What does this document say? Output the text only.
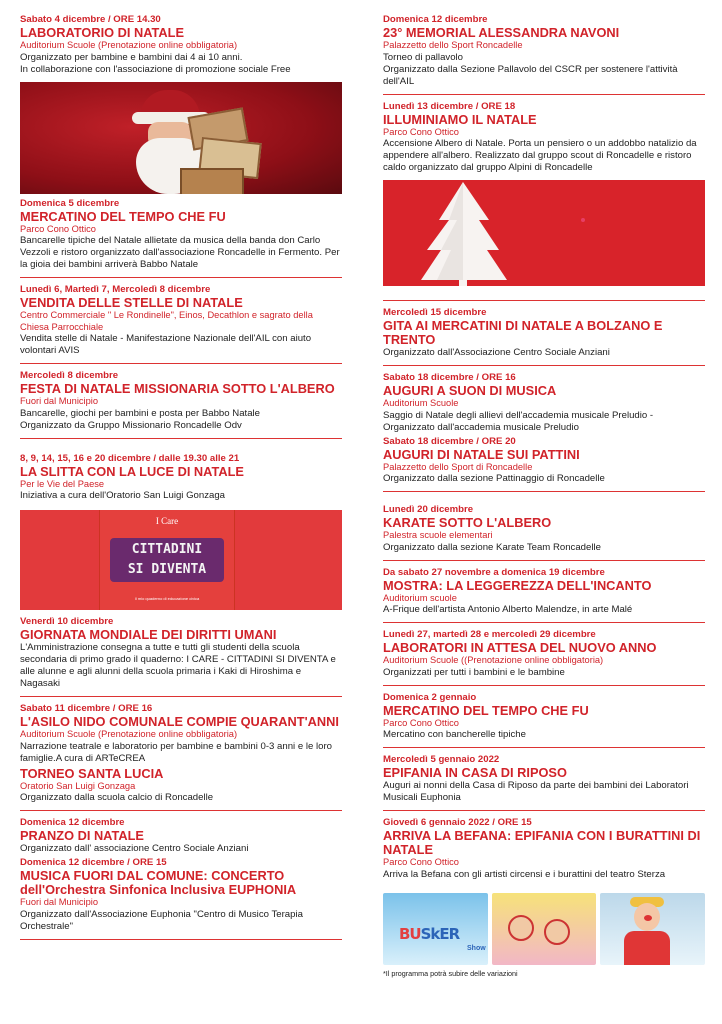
Sabato 4 dicembre / ORE 14.30

LABORATORIO DI NATALE

Auditorium Scuole (Prenotazione online obbligatoria)

Organizzato per bambine e bambini dai 4 ai 10 anni.

In collaborazione con l'associazione di promozione sociale Free

Domenica 5 dicembre

MERCATINO DEL TEMPO CHE FU

Parco Cono Ottico

Bancarelle tipiche del Natale allietate da musica della banda don Carlo Vezzoli e ristoro organizzato dall'associazione Roncadelle in Fermento. Per la gioia dei bambini arriverà Babbo Natale

Lunedì 6, Martedì 7, Mercoledì 8 dicembre

VENDITA DELLE STELLE DI NATALE

Centro Commerciale " Le Rondinelle", Einos, Decathlon e sagrato della Chiesa Parrocchiale

Vendita stelle di Natale - Manifestazione Nazionale dell'AIL con aiuto volontari AVIS

Mercoledì 8 dicembre

FESTA DI NATALE MISSIONARIA SOTTO L'ALBERO

Fuori dal Municipio

Bancarelle, giochi per bambini e posta per Babbo Natale

Organizzato da Gruppo Missionario Roncadelle Odv

8, 9, 14, 15, 16 e 20 dicembre / dalle 19.30 alle 21

LA SLITTA CON LA LUCE DI NATALE

Per le Vie del Paese

Iniziativa a cura dell'Oratorio San Luigi Gonzaga

I Care
CITTADINI
SI DIVENTA
Il mio quaderno di educazione civica

Venerdì 10 dicembre

GIORNATA MONDIALE DEI DIRITTI UMANI

L'Amministrazione consegna a tutte e tutti gli studenti della scuola secondaria di primo grado il quaderno: I CARE - CITTADINI SI DIVENTA e alle alunne e agli alunni della scuola primaria i Kaki di Hiroshima e Nagasaki

Sabato 11 dicembre / ORE 16

L'ASILO NIDO COMUNALE COMPIE QUARANT'ANNI

Auditorium Scuole (Prenotazione online obbligatoria)

Narrazione teatrale e laboratorio per bambine e bambini 0-3 anni e le loro famiglie.A cura di ARTeCREA

TORNEO SANTA LUCIA

Oratorio San Luigi Gonzaga

Organizzato dalla scuola calcio di Roncadelle

Domenica 12 dicembre

PRANZO DI NATALE

Organizzato dall' associazione Centro Sociale Anziani

Domenica 12 dicembre / ORE 15

MUSICA FUORI DAL COMUNE: CONCERTO dell'Orchestra Sinfonica Inclusiva EUPHONIA

Fuori dal Municipio

Organizzato dall'Associazione Euphonia "Centro di Musico Terapia Orchestrale"

Domenica 12 dicembre

23° MEMORIAL ALESSANDRA NAVONI

Palazzetto dello Sport Roncadelle

Torneo di pallavolo

Organizzato dalla Sezione Pallavolo del CSCR per sostenere l'attività dell'AIL

Lunedì 13 dicembre / ORE 18

ILLUMINIAMO IL NATALE

Parco Cono Ottico

Accensione Albero di Natale. Porta un pensiero o un addobbo natalizio da appendere all'albero. Realizzato dal gruppo scout di Roncadelle e ristoro caldo organizzato dal gruppo Alpini di Roncadelle

Mercoledì 15 dicembre

GITA AI MERCATINI DI NATALE A BOLZANO E TRENTO

Organizzato dall'Associazione Centro Sociale Anziani

Sabato 18 dicembre / ORE 16

AUGURI A SUON DI MUSICA

Auditorium Scuole

Saggio di Natale degli allievi dell'accademia musicale Preludio - Organizzato dall'accademia musicale Preludio

Sabato 18 dicembre / ORE 20

AUGURI DI NATALE SUI PATTINI

Palazzetto dello Sport di Roncadelle

Organizzato dalla sezione Pattinaggio di Roncadelle

Lunedì 20 dicembre

KARATE SOTTO L'ALBERO

Palestra scuole elementari

Organizzato dalla sezione Karate Team Roncadelle

Da sabato 27 novembre a domenica 19 dicembre

MOSTRA: LA LEGGEREZZA DELL'INCANTO

Auditorium scuole

A-Frique dell'artista Antonio Alberto Malendze, in arte Malé

Lunedì 27, martedì 28 e mercoledì 29 dicembre

LABORATORI IN ATTESA DEL NUOVO ANNO

Auditorium Scuole ((Prenotazione online obbligatoria)

Organizzati per tutti i bambini e le bambine

Domenica 2 gennaio

MERCATINO DEL TEMPO CHE FU

Parco Cono Ottico

Mercatino con bancherelle tipiche

Mercoledì 5 gennaio 2022

EPIFANIA IN CASA DI RIPOSO

Auguri ai nonni della Casa di Riposo da parte dei bambini dei Laboratori Musicali Euphonia

Giovedì 6 gennaio 2022 / ORE 15

ARRIVA LA BEFANA: EPIFANIA CON I BURATTINI DI NATALE

Parco Cono Ottico

Arriva la Befana con gli artisti circensi e i burattini del teatro Sterza

BUSkER
Show
*Il programma potrà subire delle variazioni
